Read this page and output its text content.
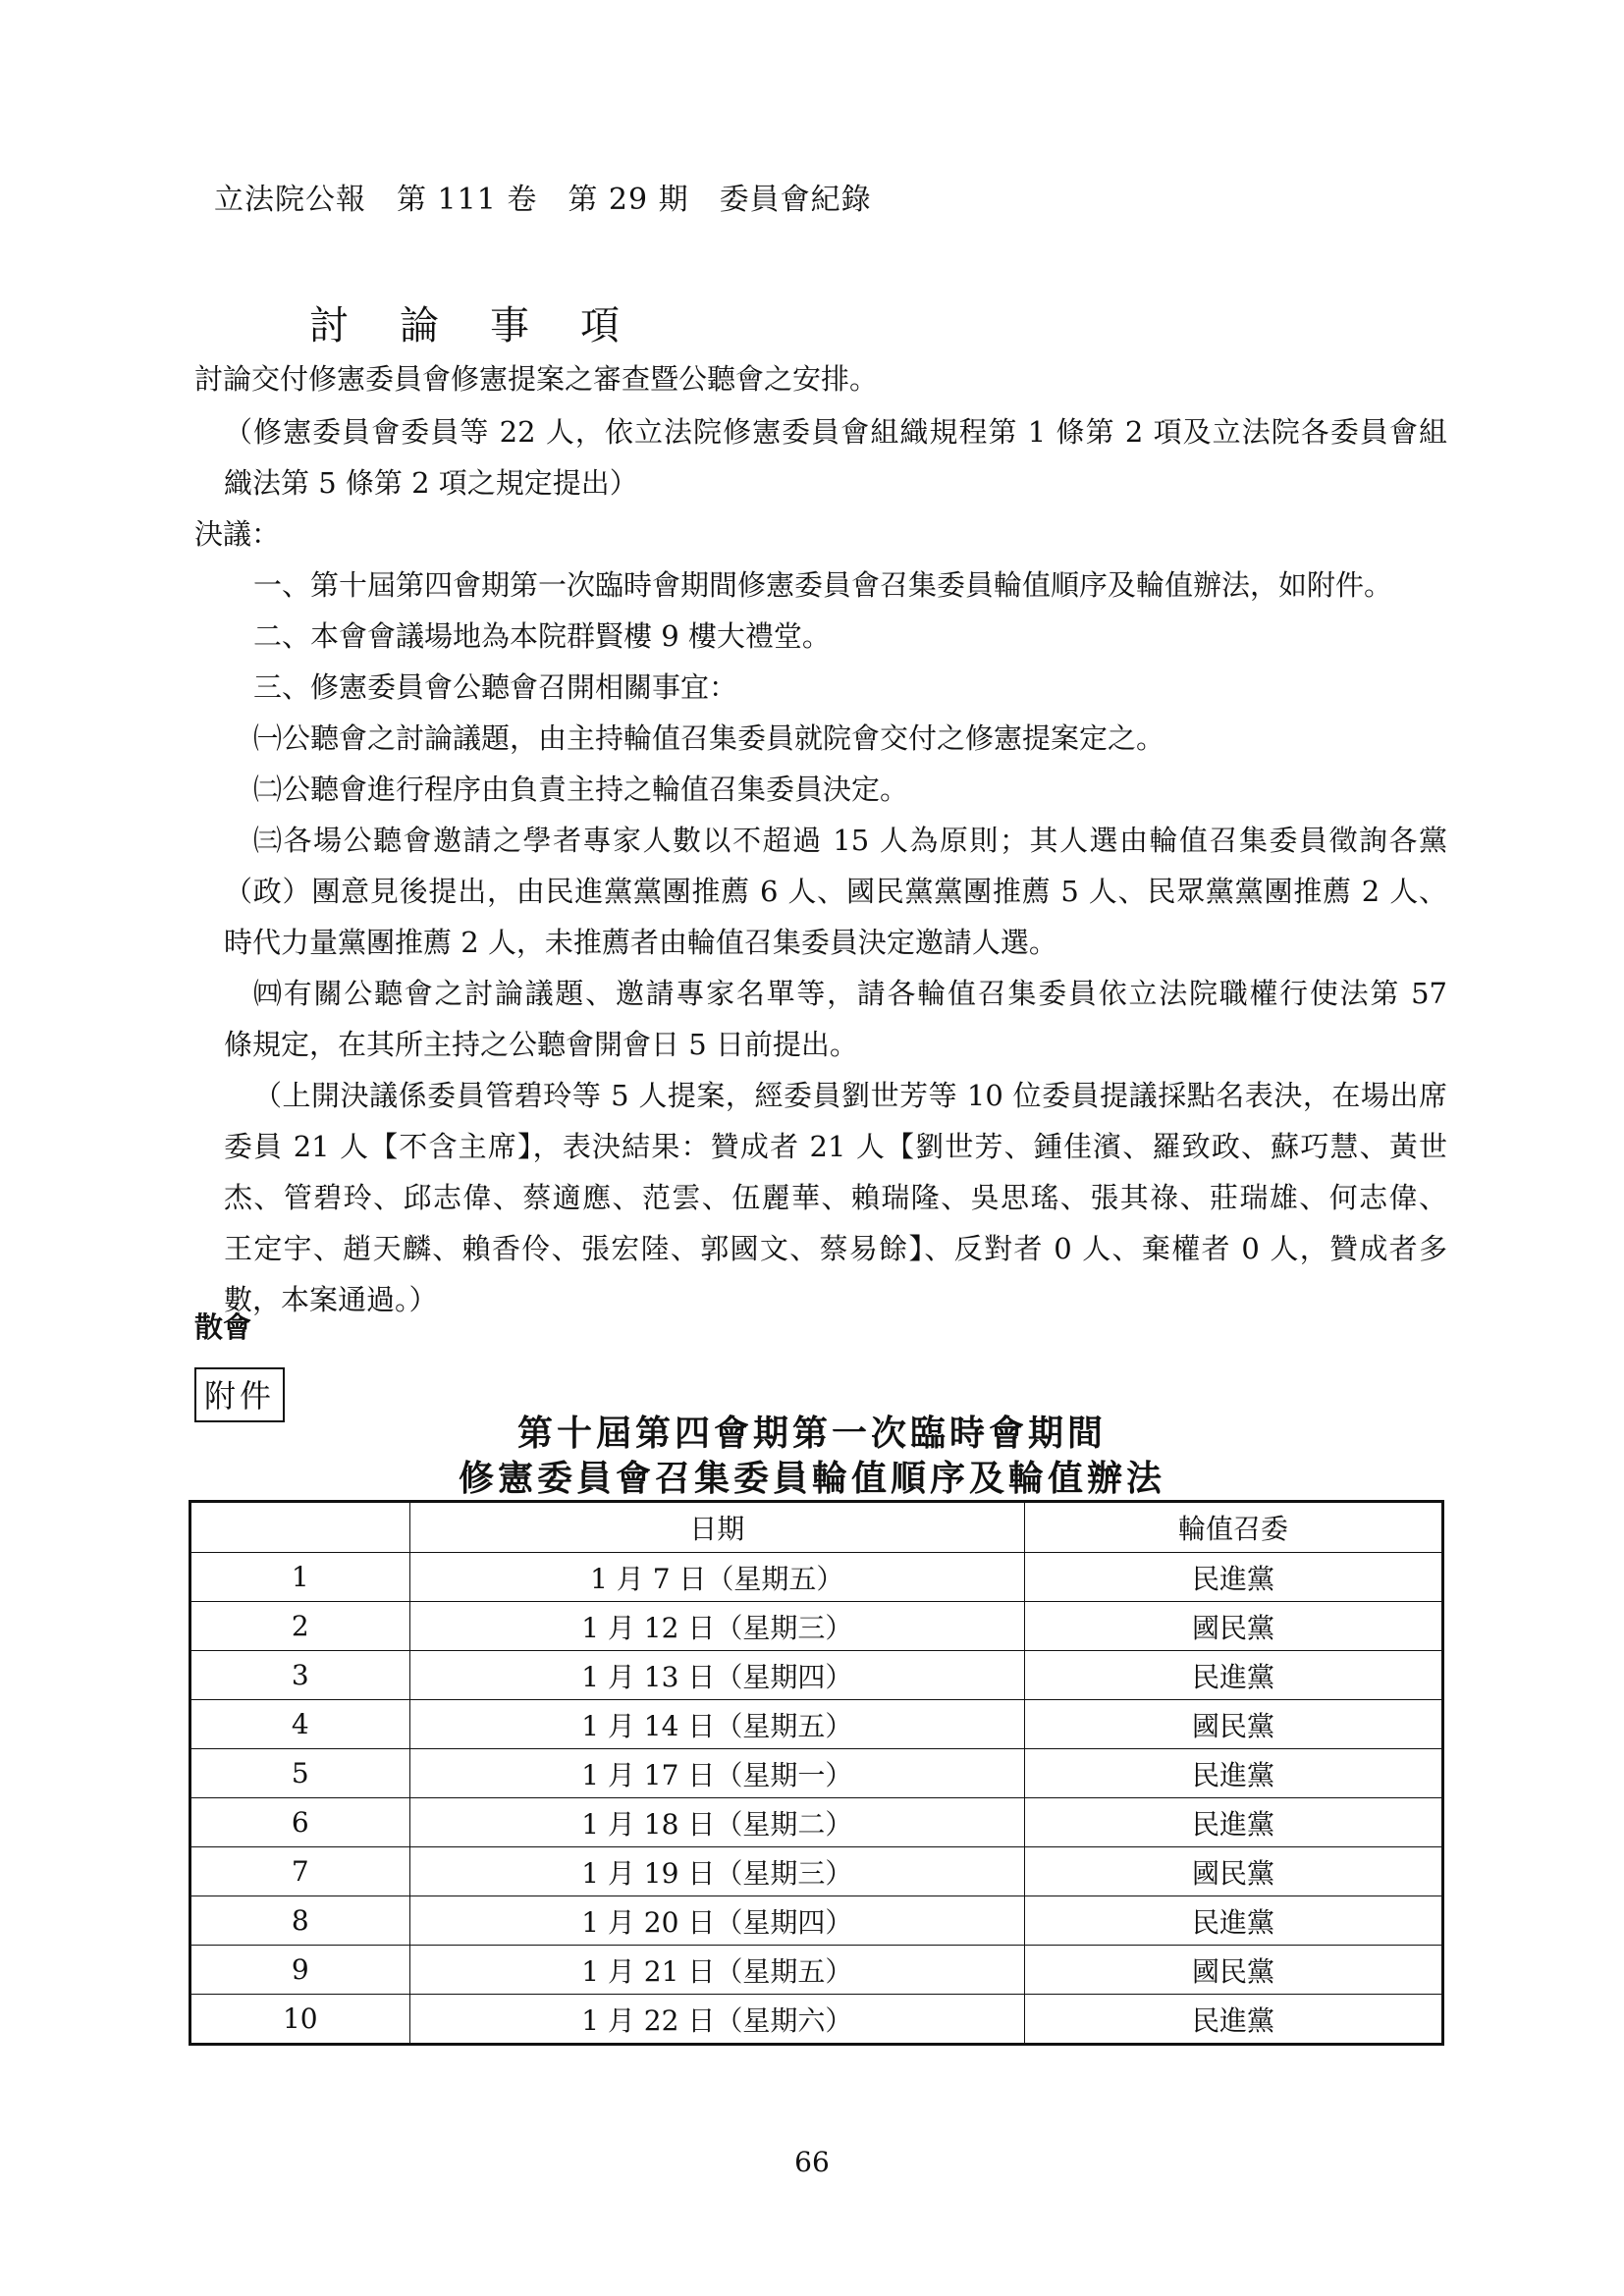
立法院公報　第 111 卷　第 29 期　委員會紀錄
討論事項
討論交付修憲委員會修憲提案之審查暨公聽會之安排。
（修憲委員會委員等 22 人，依立法院修憲委員會組織規程第 1 條第 2 項及立法院各委員會組
織法第 5 條第 2 項之規定提出）
決議：
一、第十屆第四會期第一次臨時會期間修憲委員會召集委員輪值順序及輪值辦法，如附件。
二、本會會議場地為本院群賢樓 9 樓大禮堂。
三、修憲委員會公聽會召開相關事宜：
㈠公聽會之討論議題，由主持輪值召集委員就院會交付之修憲提案定之。
㈡公聽會進行程序由負責主持之輪值召集委員決定。
㈢各場公聽會邀請之學者專家人數以不超過 15 人為原則；其人選由輪值召集委員徵詢各黨
（政）團意見後提出，由民進黨黨團推薦 6 人、國民黨黨團推薦 5 人、民眾黨黨團推薦 2 人、
時代力量黨團推薦 2 人，未推薦者由輪值召集委員決定邀請人選。
㈣有關公聽會之討論議題、邀請專家名單等，請各輪值召集委員依立法院職權行使法第 57
條規定，在其所主持之公聽會開會日 5 日前提出。
（上開決議係委員管碧玲等 5 人提案，經委員劉世芳等 10 位委員提議採點名表決，在場出席
委員 21 人【不含主席】，表決結果：贊成者 21 人【劉世芳、鍾佳濱、羅致政、蘇巧慧、黃世
杰、管碧玲、邱志偉、蔡適應、范雲、伍麗華、賴瑞隆、吳思瑤、張其祿、莊瑞雄、何志偉、
王定宇、趙天麟、賴香伶、張宏陸、郭國文、蔡易餘】、反對者 0 人、棄權者 0 人，贊成者多
數，本案通過。）
散會
附件
第十屆第四會期第一次臨時會期間
修憲委員會召集委員輪值順序及輪值辦法
	日期	輪值召委
1	1 月 7 日（星期五）	民進黨
2	1 月 12 日（星期三）	國民黨
3	1 月 13 日（星期四）	民進黨
4	1 月 14 日（星期五）	國民黨
5	1 月 17 日（星期一）	民進黨
6	1 月 18 日（星期二）	民進黨
7	1 月 19 日（星期三）	國民黨
8	1 月 20 日（星期四）	民進黨
9	1 月 21 日（星期五）	國民黨
10	1 月 22 日（星期六）	民進黨
66
